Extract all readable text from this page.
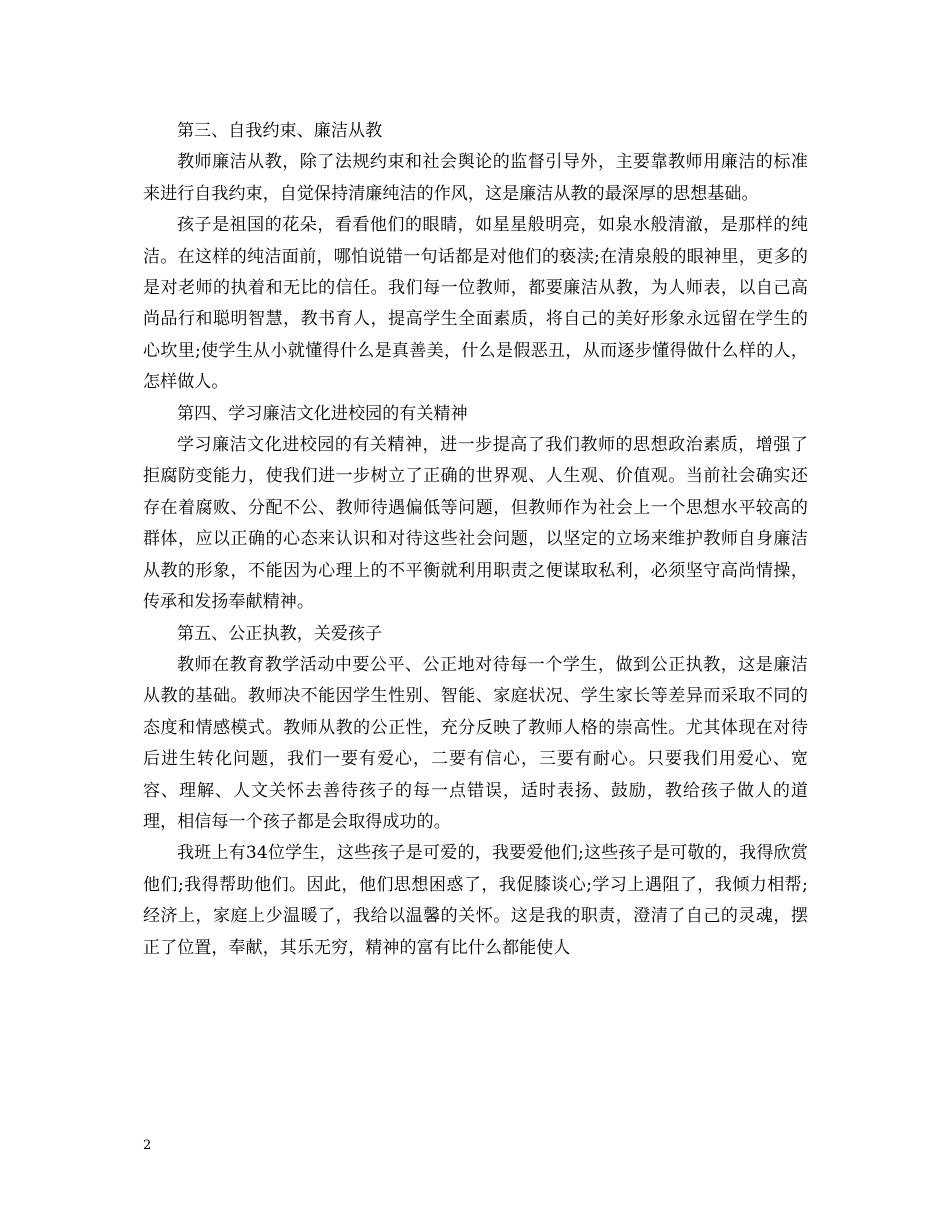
第三、自我约束、廉洁从教

教师廉洁从教，除了法规约束和社会舆论的监督引导外，主要靠教师用廉洁的标准来进行自我约束，自觉保持清廉纯洁的作风，这是廉洁从教的最深厚的思想基础。

孩子是祖国的花朵，看看他们的眼睛，如星星般明亮，如泉水般清澈，是那样的纯洁。在这样的纯洁面前，哪怕说错一句话都是对他们的亵渎;在清泉般的眼神里，更多的是对老师的执着和无比的信任。我们每一位教师，都要廉洁从教，为人师表，以自己高尚品行和聪明智慧，教书育人，提高学生全面素质，将自己的美好形象永远留在学生的心坎里;使学生从小就懂得什么是真善美，什么是假恶丑，从而逐步懂得做什么样的人，怎样做人。

第四、学习廉洁文化进校园的有关精神

学习廉洁文化进校园的有关精神，进一步提高了我们教师的思想政治素质，增强了拒腐防变能力，使我们进一步树立了正确的世界观、人生观、价值观。当前社会确实还存在着腐败、分配不公、教师待遇偏低等问题，但教师作为社会上一个思想水平较高的群体，应以正确的心态来认识和对待这些社会问题，以坚定的立场来维护教师自身廉洁从教的形象，不能因为心理上的不平衡就利用职责之便谋取私利，必须坚守高尚情操，传承和发扬奉献精神。

第五、公正执教，关爱孩子

教师在教育教学活动中要公平、公正地对待每一个学生，做到公正执教，这是廉洁从教的基础。教师决不能因学生性别、智能、家庭状况、学生家长等差异而采取不同的态度和情感模式。教师从教的公正性，充分反映了教师人格的崇高性。尤其体现在对待后进生转化问题，我们一要有爱心，二要有信心，三要有耐心。只要我们用爱心、宽容、理解、人文关怀去善待孩子的每一点错误，适时表扬、鼓励，教给孩子做人的道理，相信每一个孩子都是会取得成功的。

我班上有34位学生，这些孩子是可爱的，我要爱他们;这些孩子是可敬的，我得欣赏他们;我得帮助他们。因此，他们思想困惑了，我促膝谈心;学习上遇阻了，我倾力相帮;经济上，家庭上少温暖了，我给以温馨的关怀。这是我的职责，澄清了自己的灵魂，摆正了位置，奉献，其乐无穷，精神的富有比什么都能使人

2
